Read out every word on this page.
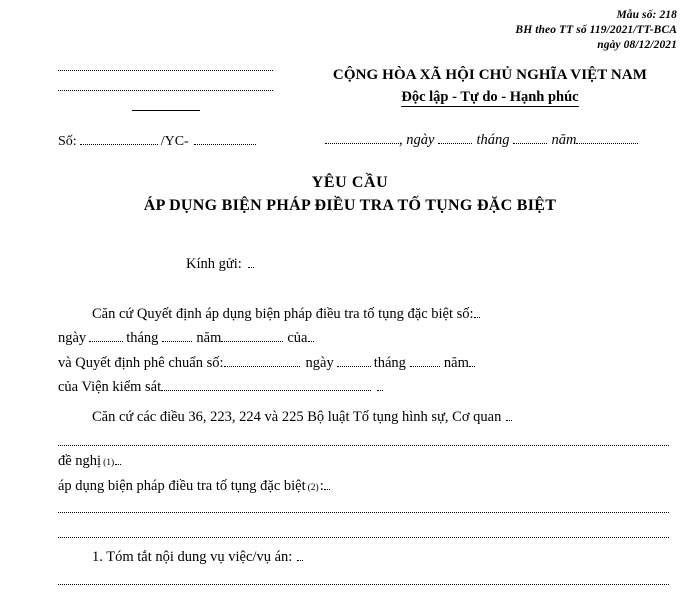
Mẫu số: 218
BH theo TT số 119/2021/TT-BCA
ngày 08/12/2021
CỘNG HÒA XÃ HỘI CHỦ NGHĨA VIỆT NAM
Độc lập - Tự do - Hạnh phúc
Số:	/YC-	, ngày	tháng	năm
YÊU CẦU
ÁP DỤNG BIỆN PHÁP ĐIỀU TRA TỐ TỤNG ĐẶC BIỆT
Kính gửi:
Căn cứ Quyết định áp dụng biện pháp điều tra tố tụng đặc biệt số:
ngày	tháng	năm	của
và Quyết định phê chuẩn số:	ngày	tháng	năm
của Viện kiểm sát
Căn cứ các điều 36, 223, 224 và 225 Bộ luật Tố tụng hình sự, Cơ quan
đề nghị (1)
áp dụng biện pháp điều tra tố tụng đặc biệt (2) :
1. Tóm tắt nội dung vụ việc/vụ án:
